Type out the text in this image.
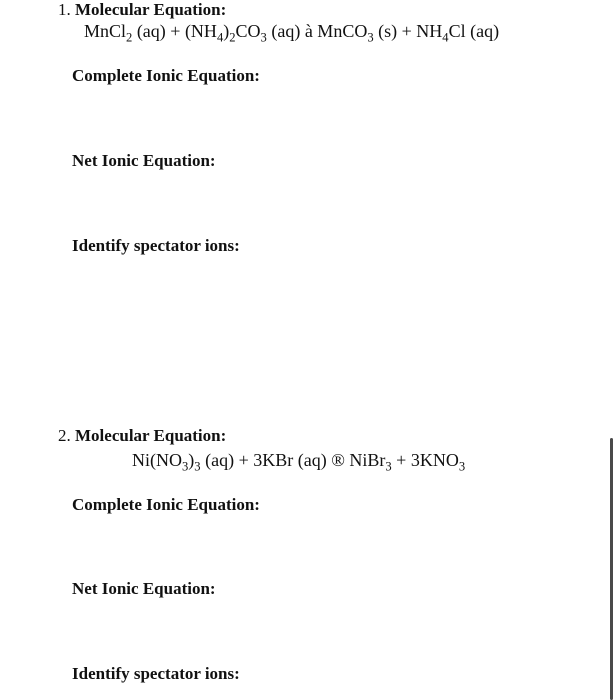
1. Molecular Equation:
MnCl$_2$ $(aq) + (NH_4)_2CO_3$ (aq) à MnCO$_3$ $(s) + NH_4Cl$ (aq)
Complete Ionic Equation:
Net Ionic Equation:
Identify spectator ions:
2. Molecular Equation:
$Ni(NO_3)_3$ (aq) + 3KBr (aq) ® NiBr$_3$ + $3KNO_3$
Complete Ionic Equation:
Net Ionic Equation:
Identify spectator ions:
